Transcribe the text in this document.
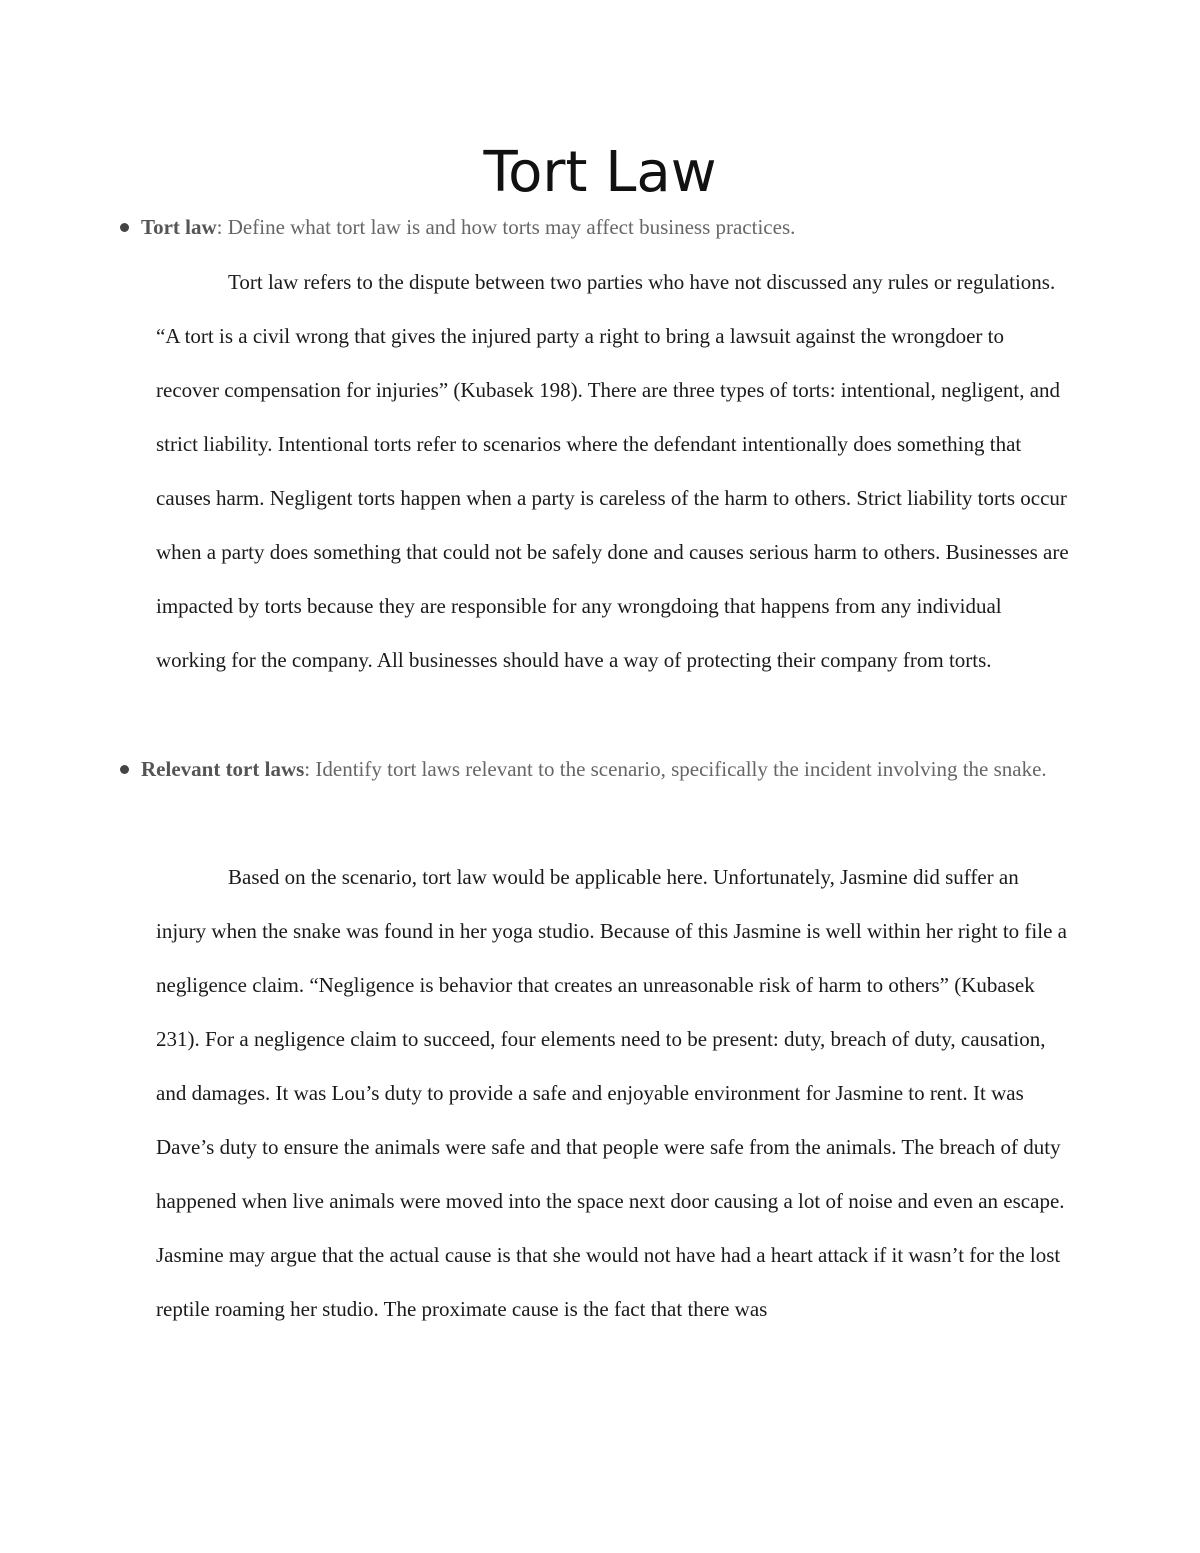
Tort Law
Tort law: Define what tort law is and how torts may affect business practices.

Tort law refers to the dispute between two parties who have not discussed any rules or regulations. “A tort is a civil wrong that gives the injured party a right to bring a lawsuit against the wrongdoer to recover compensation for injuries” (Kubasek 198). There are three types of torts: intentional, negligent, and strict liability. Intentional torts refer to scenarios where the defendant intentionally does something that causes harm. Negligent torts happen when a party is careless of the harm to others. Strict liability torts occur when a party does something that could not be safely done and causes serious harm to others. Businesses are impacted by torts because they are responsible for any wrongdoing that happens from any individual working for the company. All businesses should have a way of protecting their company from torts.

Relevant tort laws: Identify tort laws relevant to the scenario, specifically the incident involving the snake.

Based on the scenario, tort law would be applicable here. Unfortunately, Jasmine did suffer an injury when the snake was found in her yoga studio. Because of this Jasmine is well within her right to file a negligence claim. “Negligence is behavior that creates an unreasonable risk of harm to others” (Kubasek 231). For a negligence claim to succeed, four elements need to be present: duty, breach of duty, causation, and damages. It was Lou’s duty to provide a safe and enjoyable environment for Jasmine to rent. It was Dave’s duty to ensure the animals were safe and that people were safe from the animals. The breach of duty happened when live animals were moved into the space next door causing a lot of noise and even an escape. Jasmine may argue that the actual cause is that she would not have had a heart attack if it wasn’t for the lost reptile roaming her studio. The proximate cause is the fact that there was
